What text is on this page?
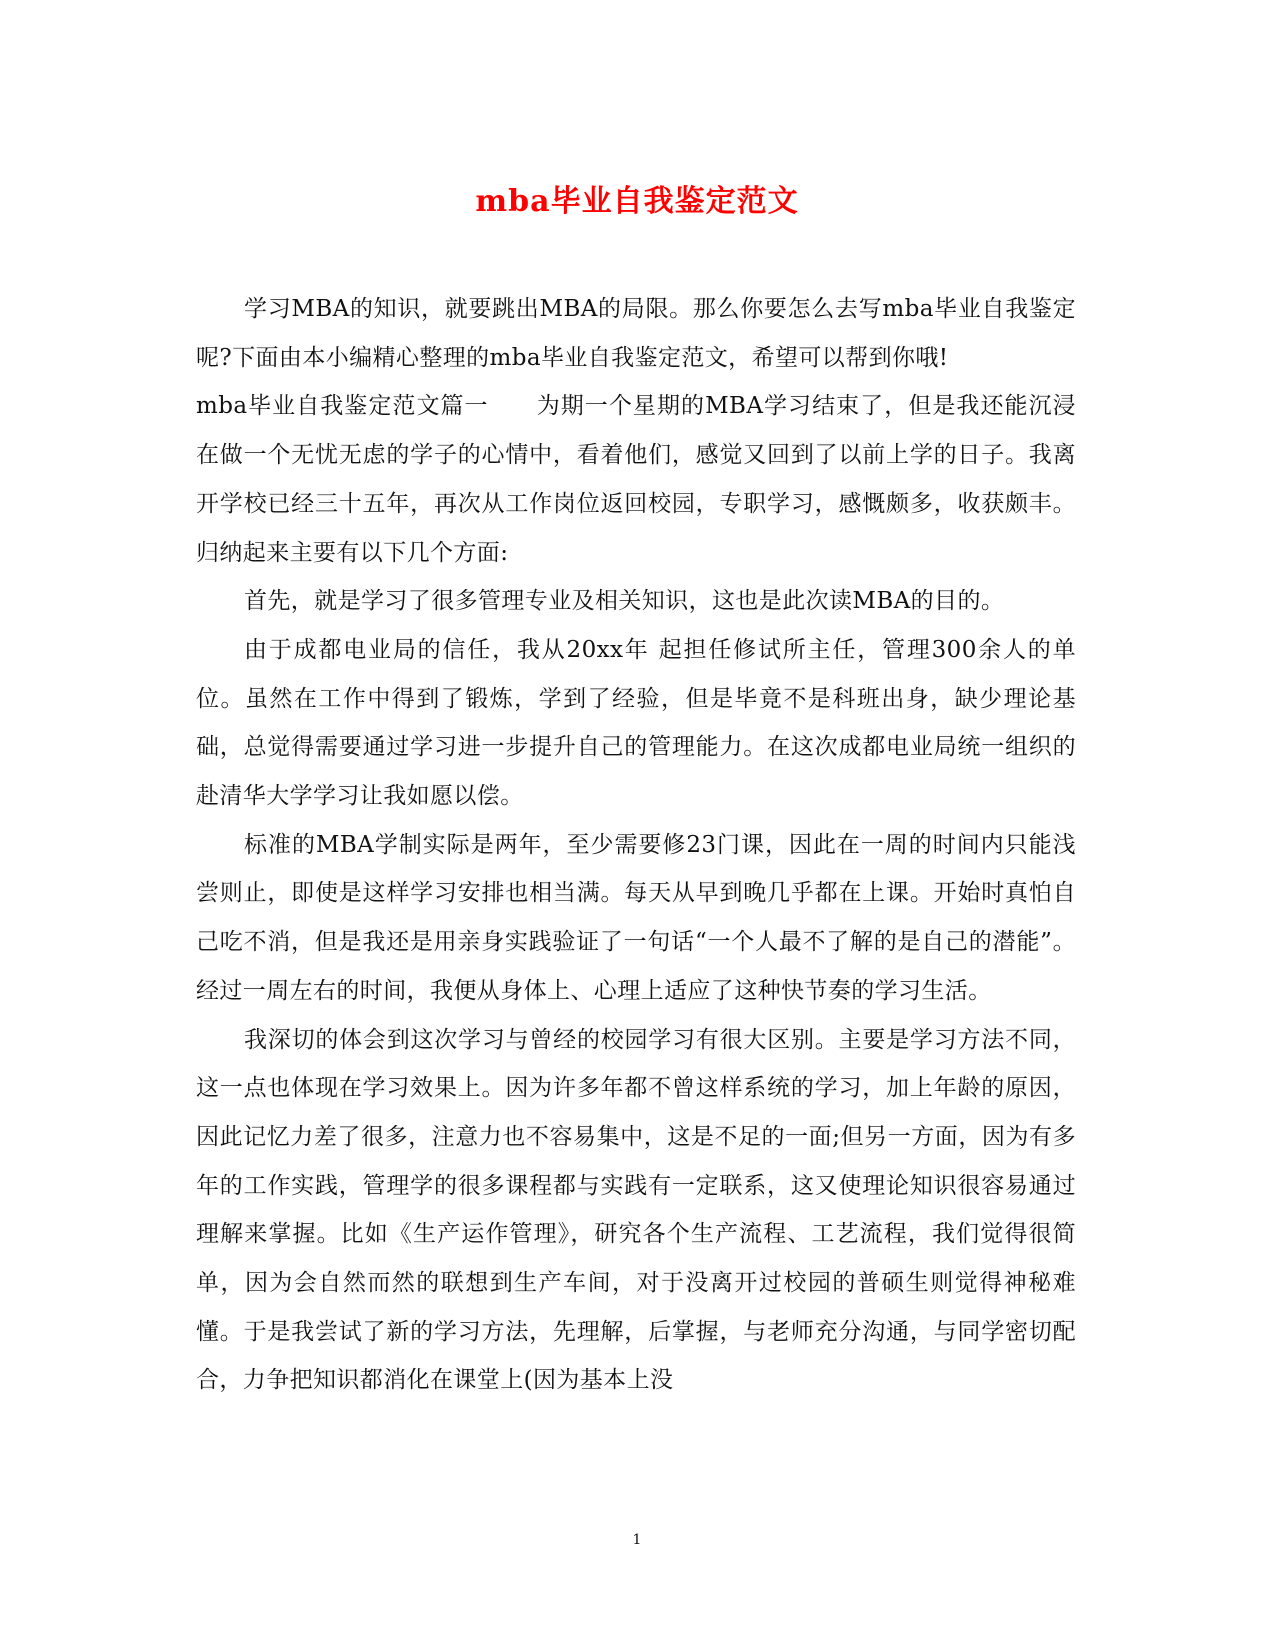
mba毕业自我鉴定范文

学习MBA的知识，就要跳出MBA的局限。那么你要怎么去写mba毕业自我鉴定呢?下面由本小编精心整理的mba毕业自我鉴定范文，希望可以帮到你哦!

mba毕业自我鉴定范文篇一　　为期一个星期的MBA学习结束了，但是我还能沉浸在做一个无忧无虑的学子的心情中，看着他们，感觉又回到了以前上学的日子。我离开学校已经三十五年，再次从工作岗位返回校园，专职学习，感慨颇多，收获颇丰。归纳起来主要有以下几个方面:

首先，就是学习了很多管理专业及相关知识，这也是此次读MBA的目的。

由于成都电业局的信任，我从20xx年 起担任修试所主任，管理300余人的单位。虽然在工作中得到了锻炼，学到了经验，但是毕竟不是科班出身，缺少理论基础，总觉得需要通过学习进一步提升自己的管理能力。在这次成都电业局统一组织的赴清华大学学习让我如愿以偿。

标准的MBA学制实际是两年，至少需要修23门课，因此在一周的时间内只能浅尝则止，即使是这样学习安排也相当满。每天从早到晚几乎都在上课。开始时真怕自己吃不消，但是我还是用亲身实践验证了一句话“一个人最不了解的是自己的潜能”。经过一周左右的时间，我便从身体上、心理上适应了这种快节奏的学习生活。

我深切的体会到这次学习与曾经的校园学习有很大区别。主要是学习方法不同，这一点也体现在学习效果上。因为许多年都不曾这样系统的学习，加上年龄的原因，因此记忆力差了很多，注意力也不容易集中，这是不足的一面;但另一方面，因为有多年的工作实践，管理学的很多课程都与实践有一定联系，这又使理论知识很容易通过理解来掌握。比如《生产运作管理》，研究各个生产流程、工艺流程，我们觉得很简单，因为会自然而然的联想到生产车间，对于没离开过校园的普硕生则觉得神秘难懂。于是我尝试了新的学习方法，先理解，后掌握，与老师充分沟通，与同学密切配合，力争把知识都消化在课堂上(因为基本上没

1
